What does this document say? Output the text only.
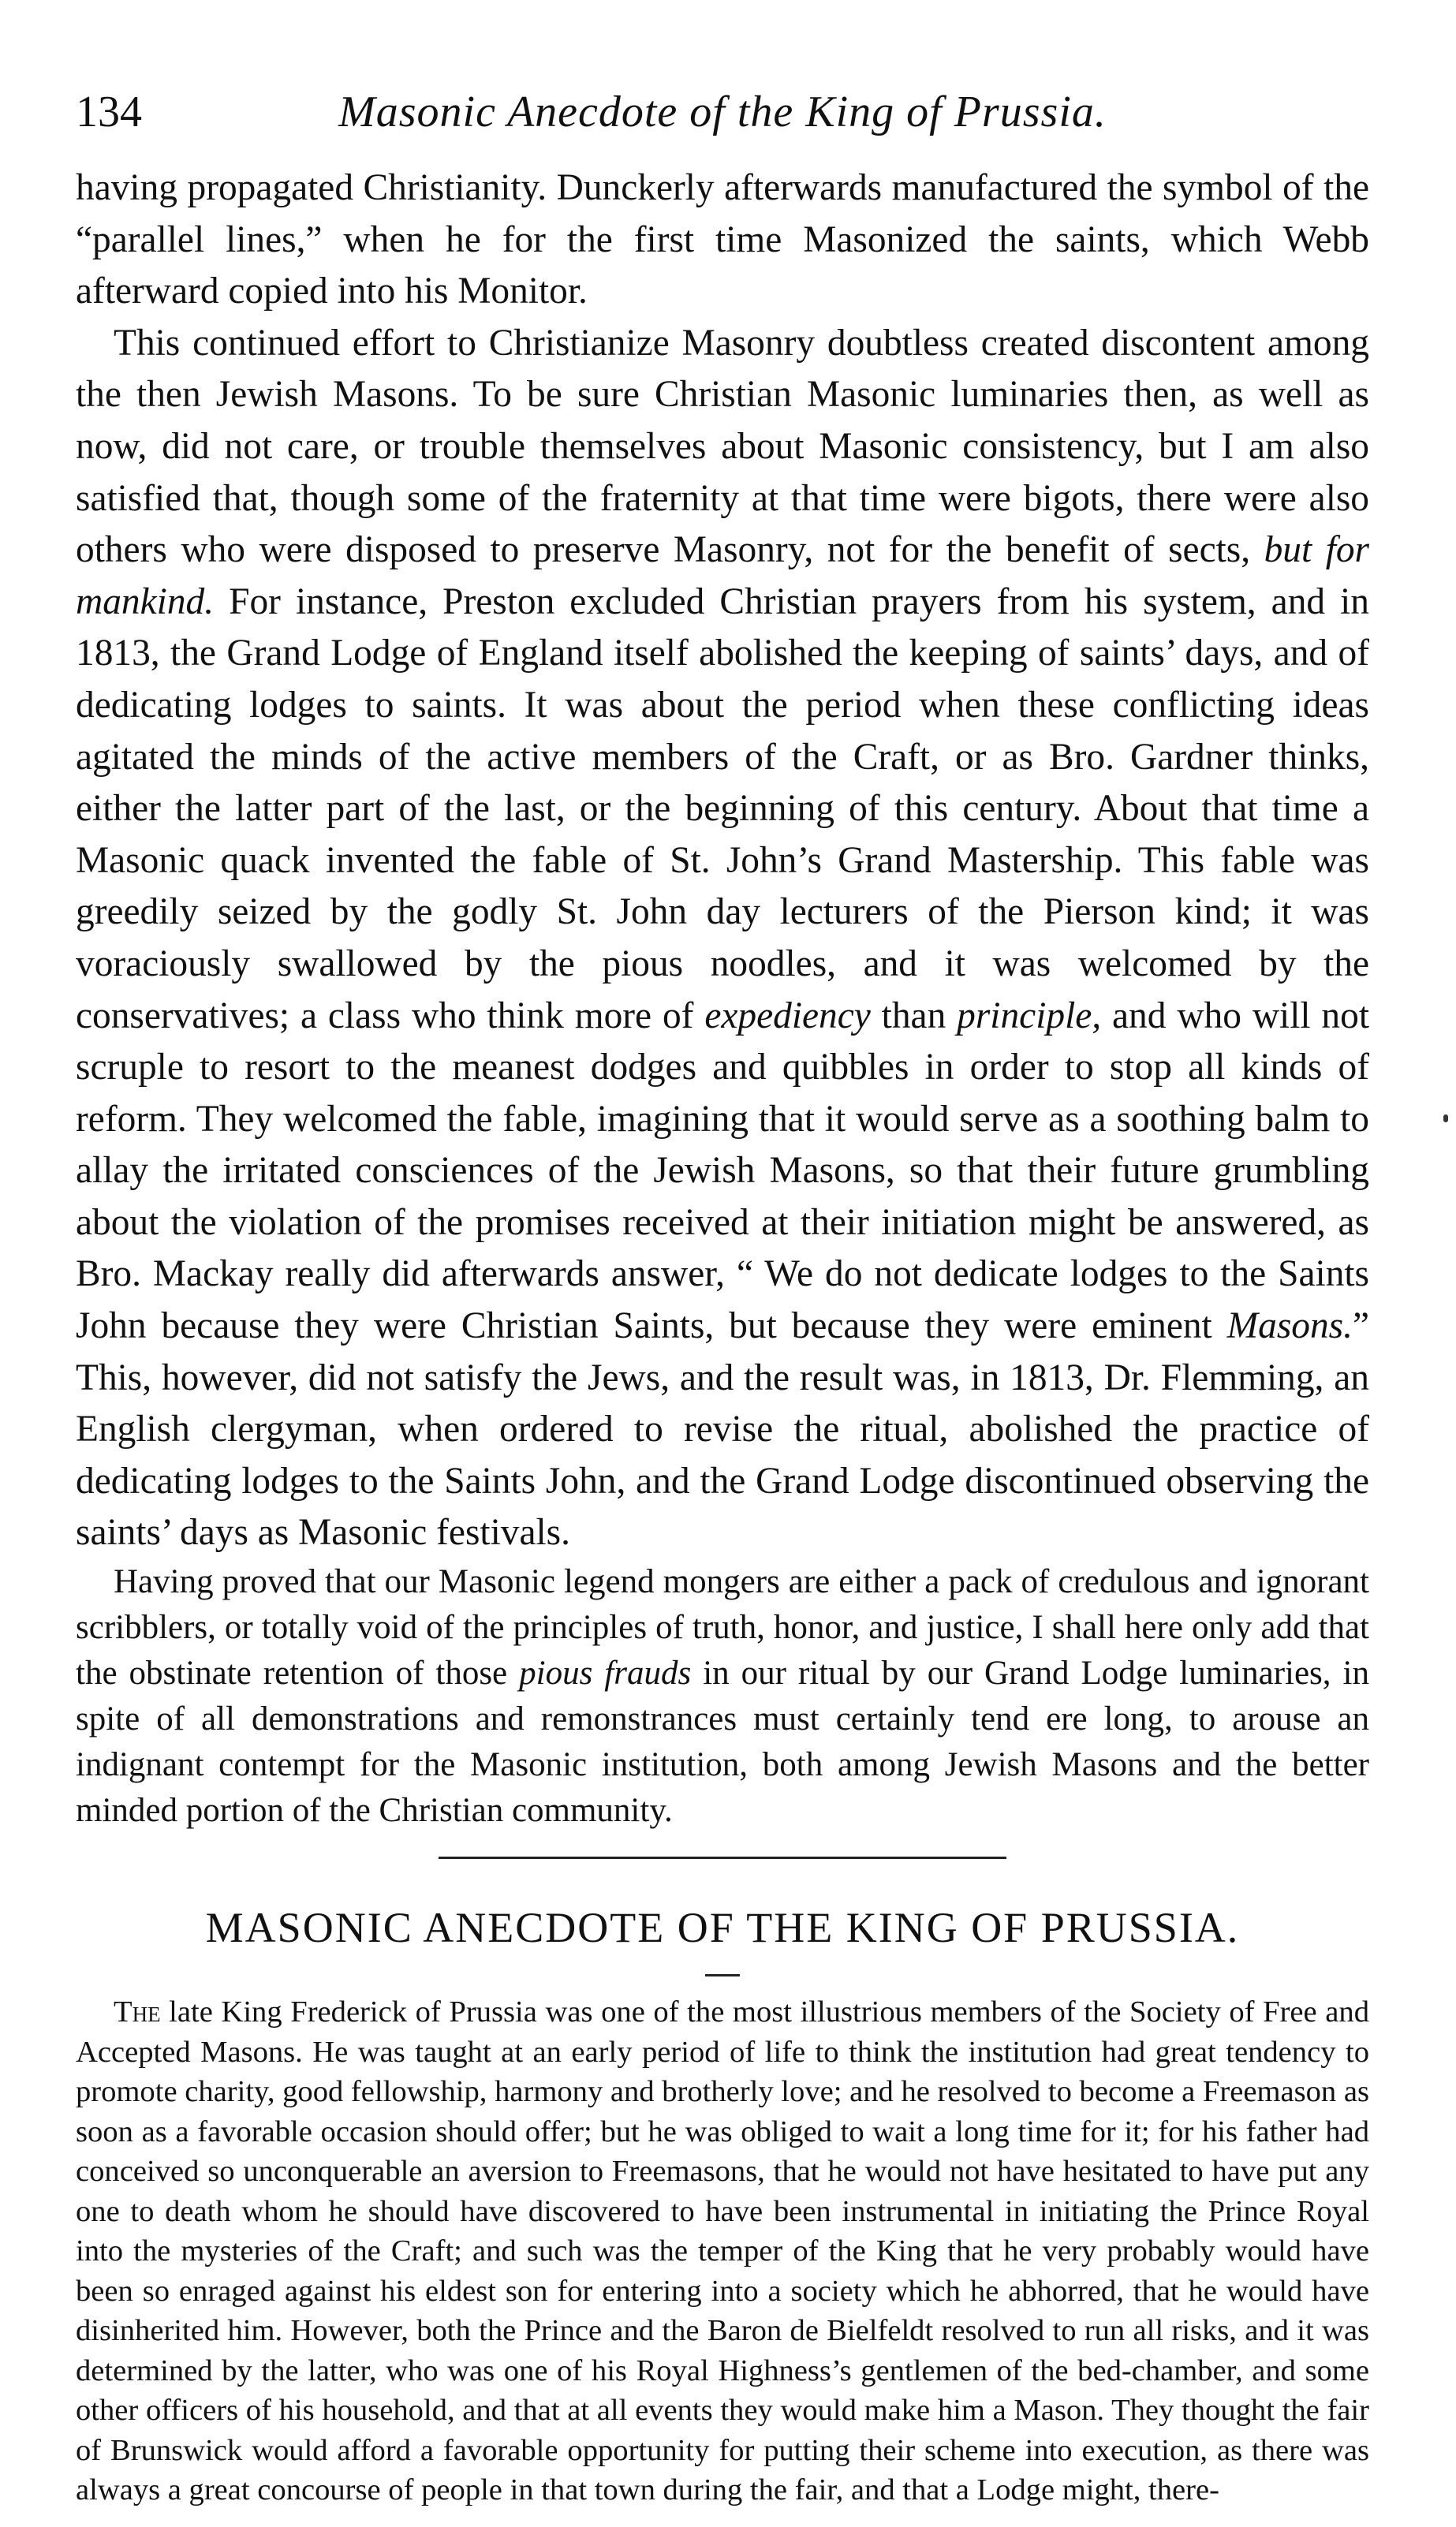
134	Masonic Anecdote of the King of Prussia.

having propagated Christianity. Dunckerly afterwards manufactured the symbol of the “parallel lines,” when he for the first time Masonized the saints, which Webb afterward copied into his Monitor.

This continued effort to Christianize Masonry doubtless created discontent among the then Jewish Masons. To be sure Christian Masonic luminaries then, as well as now, did not care, or trouble themselves about Masonic consistency, but I am also satisfied that, though some of the fraternity at that time were bigots, there were also others who were disposed to preserve Masonry, not for the benefit of sects, but for mankind. For instance, Preston excluded Christian prayers from his system, and in 1813, the Grand Lodge of England itself abolished the keeping of saints’ days, and of dedicating lodges to saints. It was about the period when these conflicting ideas agitated the minds of the active members of the Craft, or as Bro. Gardner thinks, either the latter part of the last, or the beginning of this century. About that time a Masonic quack invented the fable of St. John’s Grand Mastership. This fable was greedily seized by the godly St. John day lecturers of the Pierson kind; it was voraciously swallowed by the pious noodles, and it was welcomed by the conservatives; a class who think more of expediency than principle, and who will not scruple to resort to the meanest dodges and quibbles in order to stop all kinds of reform. They welcomed the fable, imagining that it would serve as a soothing balm to allay the irritated consciences of the Jewish Masons, so that their future grumbling about the violation of the promises received at their initiation might be answered, as Bro. Mackay really did afterwards answer, “ We do not dedicate lodges to the Saints John because they were Christian Saints, but because they were eminent Masons.” This, however, did not satisfy the Jews, and the result was, in 1813, Dr. Flemming, an English clergyman, when ordered to revise the ritual, abolished the practice of dedicating lodges to the Saints John, and the Grand Lodge discontinued observing the saints’ days as Masonic festivals.

Having proved that our Masonic legend mongers are either a pack of credulous and ignorant scribblers, or totally void of the principles of truth, honor, and justice, I shall here only add that the obstinate retention of those pious frauds in our ritual by our Grand Lodge luminaries, in spite of all demonstrations and remonstrances must certainly tend ere long, to arouse an indignant contempt for the Masonic institution, both among Jewish Masons and the better minded portion of the Christian community.

MASONIC ANECDOTE OF THE KING OF PRUSSIA.

The late King Frederick of Prussia was one of the most illustrious members of the Society of Free and Accepted Masons. He was taught at an early period of life to think the institution had great tendency to promote charity, good fellowship, harmony and brotherly love; and he resolved to become a Freemason as soon as a favorable occasion should offer; but he was obliged to wait a long time for it; for his father had conceived so unconquerable an aversion to Freemasons, that he would not have hesitated to have put any one to death whom he should have discovered to have been instrumental in initiating the Prince Royal into the mysteries of the Craft; and such was the temper of the King that he very probably would have been so enraged against his eldest son for entering into a society which he abhorred, that he would have disinherited him. However, both the Prince and the Baron de Bielfeldt resolved to run all risks, and it was determined by the latter, who was one of his Royal Highness’s gentlemen of the bed-chamber, and some other officers of his household, and that at all events they would make him a Mason. They thought the fair of Brunswick would afford a favorable opportunity for putting their scheme into execution, as there was always a great concourse of people in that town during the fair, and that a Lodge might, there-
